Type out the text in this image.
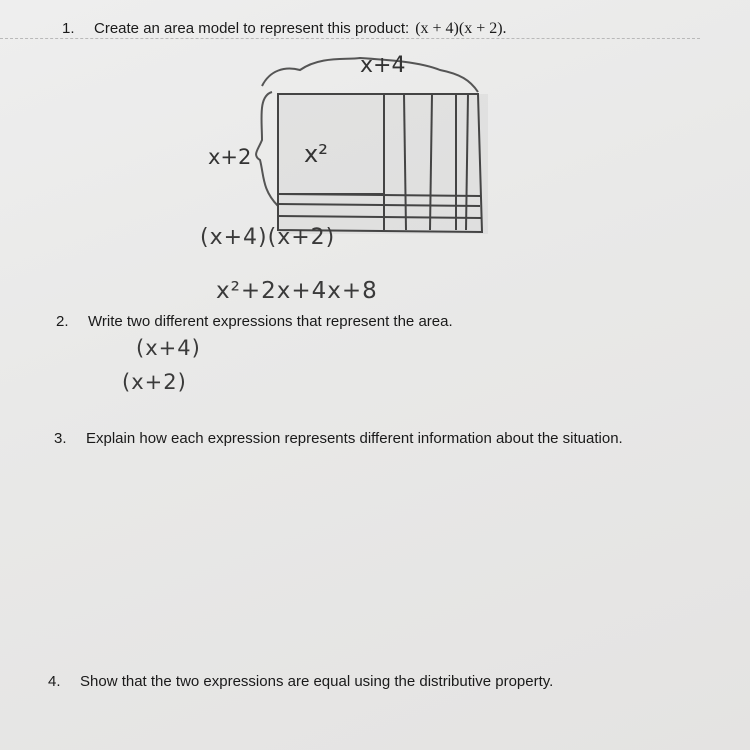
1. Create an area model to represent this product: (x + 4)(x + 2).
x+4
x+2 x²
(x+4)(x+2)
x²+2x+4x+8
2. Write two different expressions that represent the area.
(x+4)
(x+2)
3. Explain how each expression represents different information about the situation.
4. Show that the two expressions are equal using the distributive property.
